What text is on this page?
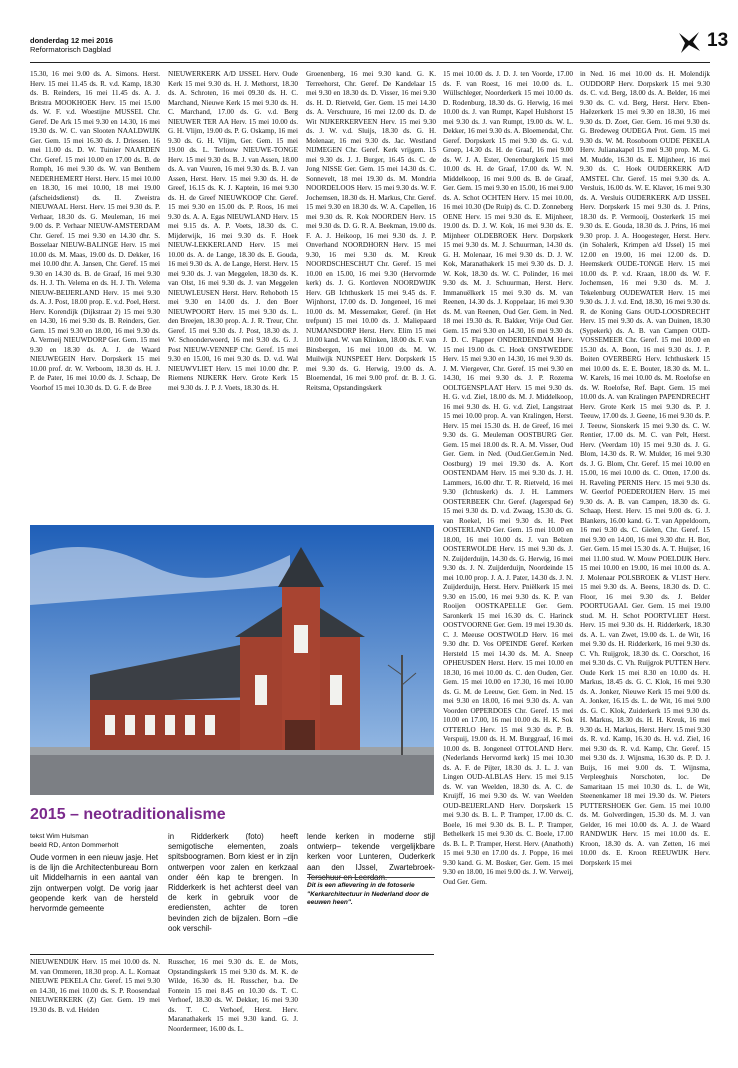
donderdag 12 mei 2016
Reformatorisch Dagblad	13
15.30, 16 mei 9.00 ds. A. Simons. Herst. Herv. 15 mei 11.45 ds. R. v.d. Kamp, 18.30 ds. B. Reinders, 16 mei 11.45 ds. A. J. Britstra MOOKHOEK Herv. 15 mei 15.00 ds. W. F. v.d. Woestijne MUSSEL Chr. Geref. De Ark 15 mei 9.30 en 14.30, 16 mei 19.30 ds. W. C. van Slooten NAALDWIJK Ger. Gem. 15 mei 16.30 ds. J. Driessen. 16 mei 11.00 ds. D. W. Tuinier NAARDEN Chr. Geref. 15 mei 10.00 en 17.00 ds. B. de Romph, 16 mei 9.30 ds. W. van Benthem NEDERHEMERT Herst. Herv. 15 mei 10.00 en 18.30, 16 mei 10.00, 18 mei 19.00 (afscheidsdienst) ds. II. Zweistra NIEUWAAL Herst. Herv. 15 mei 9.30 ds. P. Verhaar, 18.30 ds. G. Meuleman, 16 mei 9.00 ds. P. Verhaar NIEUW-AMSTERDAM Chr. Geref. 15 mei 9.30 en 14.30 dhr. S. Bosselaar NIEUW-BALINGE Herv. 15 mei 10.00 ds. M. Maas, 19.00 ds. D. Dekker, 16 mei 10.00 dhr. A. Jansen, Chr. Geref. 15 mei 9.30 en 14.30 ds. B. de Graaf, 16 mei 9.30 ds. H. J. Th. Velema en ds. H. J. Th. Velema NIEUW-BEIJERLAND Herv. 15 mei 9.30 ds. A. J. Post, 18.00 prop. E. v.d. Poel, Herst. Herv. Korendijk (Dijkstraat 2) 15 mei 9.30 en 14.30, 16 mei 9.30 ds. B. Reinders, Ger. Gem. 15 mei 9.30 en 18.00, 16 mei 9.30 ds. A. Vermeij NIEUWDORP Ger. Gem. 15 mei 9.30 en 18.30 ds. A. J. de Waard NIEUWEGEIN Herv. Dorpskerk 15 mei 10.00 prof. dr. W. Verboom, 18.30 ds. H. J. P. de Pater, 16 mei 10.00 ds. J. Schaap, De Voorhof 15 mei 10.30 ds. D. G. F. de Bree
NIEUWERKERK A/D IJSSEL Herv. Oude Kerk 15 mei 9.30 ds. H. J. Methorst, 18.30 ds. A. Schroten, 16 mei 09.30 ds. H. C. Marchand, Nieuwe Kerk 15 mei 9.30 ds. H. C. Marchand, 17.00 ds. G. v.d. Berg NIEUWER TER AA Herv. 15 mei 10.00 ds. G. H. Vlijm, 19.00 ds. P. G. Oskamp, 16 mei 9.30 ds. G. H. Vlijm, Ger. Gem. 15 mei 19.00 ds. L. Terlouw NIEUWE-TONGE Herv. 15 mei 9.30 ds. B. J. van Assen, 18.00 ds. A. van Vuuren, 16 mei 9.30 ds. B. J. van Assen, Herst. Herv. 15 mei 9.30 ds. H. de Greef, 16.15 ds. K. J. Kaptein, 16 mei 9.30 ds. H. de Greef NIEUWKOOP Chr. Geref. 15 mei 9.30 en 15.00 ds. P. Roos, 16 mei 9.30 ds. A. A. Egas NIEUWLAND Herv. 15 mei 9.15 ds. A. P. Voets, 18.30 ds. C. Mijderwijk, 16 mei 9.30 ds. F. Hoek NIEUW-LEKKERLAND Herv. 15 mei 10.00 ds. A. de Lange, 18.30 ds. E. Gouda, 16 mei 9.30 ds. A. de Lange, Herst. Herv. 15 mei 9.30 ds. J. van Meggelen, 18.30 ds. K. van Olst, 16 mei 9.30 ds. J. van Meggelen NIEUWLEUSEN Herst. Herv. Rehoboth 15 mei 9.30 en 14.00 ds. J. den Boer NIEUWPOORT Herv. 15 mei 9.30 ds. L. den Breejen, 18.30 prop. A. J. R. Treur, Chr. Geref. 15 mei 9.30 ds. J. Post, 18.30 ds. J. W. Schoonderwoerd, 16 mei 9.30 ds. G. J. Post NIEUW-VENNEP Chr. Geref. 15 mei 9.30 en 15.00, 16 mei 9.30 ds. D. v.d. Wal NIEUWVLIET Herv. 15 mei 10.00 dhr. P. Riemens NIJKERK Herv. Grote Kerk 15 mei 9.30 ds. J. P. J. Voets, 18.30 ds. H.
Groenenberg, 16 mei 9.30 kand. G. K. Terreehorst, Chr. Geref. De Kandelaar 15 mei 9.30 en 18.30 ds. D. Visser, 16 mei 9.30 ds. H. D. Rietveld, Ger. Gem. 15 mei 14.30 ds. A. Verschuure, 16 mei 12.00 ds. D. de Wit NIJKERKERVEEN Herv. 15 mei 9.30 ds. J. W. v.d. Sluijs, 18.30 ds. G. H. Molenaar, 16 mei 9.30 ds. Jac. Westland NIJMEGEN Chr. Geref. Kerk vrijgem. 15 mei 9.30 ds. J. J. Burger, 16.45 ds. C. de Jong NISSE Ger. Gem. 15 mei 14.30 ds. C. Sonnevelt, 18 mei 19.30 ds. M. Mondria NOORDELOOS Herv. 15 mei 9.30 ds. W. F. Jochemsen, 18.30 ds. H. Markus, Chr. Geref. 15 mei 9.30 en 18.30 ds. W. A. Capellen, 16 mei 9.30 ds. R. Kok NOORDEN Herv. 15 mei 9.30 ds. D. G. R. A. Beekman, 19.00 ds. F. A. J. Heikoop, 16 mei 9.30 ds. J. P. Onverhand NOORDHORN Herv. 15 mei 9.30, 16 mei 9.30 ds. M. Kreuk NOORDSCHESCHUT Chr. Geref. 15 mei 10.00 en 15.00, 16 mei 9.30 (Hervormde kerk) ds. J. G. Kortleven NOORDWIJK Herv. GB Ichthuskerk 15 mei 9.45 ds. F. Wijnhorst, 17.00 ds. D. Jongeneel, 16 mei 10.00 ds. M. Messemaker, Geref. (in Het trefpunt) 15 mei 10.00 ds. J. Maliepaard NUMANSDORP Herst. Herv. Elim 15 mei 10.00 kand. W. van Klinken, 18.00 ds. F. van Binsbergen, 16 mei 10.00 ds. M. W. Muilwijk NUNSPEET Herv. Dorpskerk 15 mei 9.30 ds. G. Herwig, 19.00 ds. A. Bloemendal, 16 mei 9.00 prof. dr. B. J. G. Reitsma, Opstandingskerk
15 mei 10.00 ds. J. D. J. ten Voorde, 17.00 ds. F. van Roest, 16 mei 10.00 ds. L. Wüllschleger, Noorderkerk 15 mei 10.00 ds. D. Rodenburg, 18.30 ds. G. Herwig, 16 mei 10.00 ds. J. van Rumpt, Kapel Hulshorst 15 mei 9.30 ds. J. van Rumpt, 19.00 ds. W. L. Dekker, 16 mei 9.30 ds. A. Bloemendal, Chr. Geref. Dorpskerk 15 mei 9.30 ds. G. v.d. Groep, 14.30 ds. H. de Graaf, 16 mei 9.00 ds. W. J. A. Ester, Oenenburgkerk 15 mei 10.00 ds. H. de Graaf, 17.00 ds. W. N. Middelkoop, 16 mei 9.00 ds. B. de Graaf, Ger. Gem. 15 mei 9.30 en 15.00, 16 mei 9.00 ds. A. Schot OCHTEN Herv. 15 mei 10.00, 16 mei 10.30 (De Ruip) ds. C. D. Zonneberg OENE Herv. 15 mei 9.30 ds. E. Mijnheer, 19.00 ds. D. J. W. Kok, 16 mei 9.30 ds. E. Mijnheer OLDEBROEK Herv. Dorpskerk 15 mei 9.30 ds. M. J. Schuurman, 14.30 ds. G. H. Molenaar, 16 mei 9.30 ds. D. J. W. Kok, Maranathakerk 15 mei 9.30 ds. D. J. W. Kok, 18.30 ds. W. C. Polinder, 16 mei 9.30 ds. M. J. Schuurman, Herst. Herv. Immanuëlkerk 15 mei 9.30 ds. M. van Reenen, 14.30 ds. J. Koppelaar, 16 mei 9.30 ds. M. van Reenen, Oud Ger. Gem. in Ned. 18 mei 19.30 ds. R. Bakker, Vrije Oud Ger. Gem. 15 mei 9.30 en 14.30, 16 mei 9.30 ds. J. D. C. Flapper ONDERDENDAM Herv. 15 mei 19.00 ds. C. Hoek ONSTWEDDE Herv. 15 mei 9.30 en 14.30, 16 mei 9.30 ds. J. M. Viergever, Chr. Geref. 15 mei 9.30 en 14.30, 16 mei 9.30 ds. J. P. Rozema OOLTGENSPLAAT Herv. 15 mei 9.30 ds. H. G. v.d. Ziel, 18.00 ds. M. J. Middelkoop, 16 mei 9.30 ds. H. G. v.d. Ziel, Langstraat 15 mei 10.00 prop. A. van Kralingen, Herst. Herv. 15 mei 15.30 ds. H. de Greef, 16 mei 9.30 ds. G. Meuleman OOSTBURG Ger. Gem. 15 mei 18.00 ds. R. A. M. Visser, Oud Ger. Gem. in Ned. (Oud.Ger.Gem.in Ned. Oostburg) 19 mei 19.30 ds. A. Kort OOSTENDAM Herv. 15 mei 9.30 ds. J. H. Lammers, 16.00 dhr. T. R. Rietveld, 16 mei 9.30 (Ichtuskerk) ds. J. H. Lammers OOSTERBEEK Chr. Geref. (Jagerspad 6e) 15 mei 9.30 ds. D. v.d. Zwaag, 15.30 ds. G. van Roekel, 16 mei 9.30 ds. H. Peet OOSTERLAND Ger. Gem. 15 mei 10.00 en 18.00, 16 mei 10.00 ds. J. van Belzen OOSTERWOLDE Herv. 15 mei 9.30 ds. J. N. Zuijderduijn, 14.30 ds. G. Herwig, 16 mei 9.30 ds. J. N. Zuijderduijn, Noordeinde 15 mei 10.00 prop. J. A. J. Pater, 14.30 ds. J. N. Zuijderduijn, Herst. Herv. Pniëlkerk 15 mei 9.30 en 15.00, 16 mei 9.30 ds. K. P. van Rooijen OOSTKAPELLE Ger. Gem. Saronkerk 15 mei 16.30 ds. C. Harinck OOSTVOORNE Ger. Gem. 19 mei 19.30 ds. C. J. Meeuse OOSTWOLD Herv. 16 mei 9.30 dhr. D. Vos OPEINDE Geref. Kerken Hersteld 15 mei 14.30 ds. M. A. Sneep OPHEUSDEN Herst. Herv. 15 mei 10.00 en 18.30, 16 mei 10.00 ds. C. den Ouden, Ger. Gem. 15 mei 10.00 en 17.30, 16 mei 10.00 ds. G. M. de Leeuw, Ger. Gem. in Ned. 15 mei 9.30 en 18.00, 16 mei 9.30 ds. A. van Voorden OPPERDOES Chr. Geref. 15 mei 10.00 en 17.00, 16 mei 10.00 ds. H. K. Sok OTTERLO Herv. 15 mei 9.30 ds. P. B. Verspuij, 19.00 ds. H. M. Burggraaf, 16 mei 10.00 ds. B. Jongeneel OTTOLAND Herv. (Nederlands Hervormd kerk) 15 mei 10.30 ds. A. F. de Pijter, 18.30 ds. J. L. J. van Lingen OUD-ALBLAS Herv. 15 mei 9.15 ds. W. van Weelden, 18.30 ds. A. C. de Kruijff, 16 mei 9.30 ds. W. van Weelden OUD-BEIJERLAND Herv. Dorpskerk 15 mei 9.30 ds. B. L. P. Tramper, 17.00 ds. C. Boele, 16 mei 9.30 ds. B. L. P. Tramper, Bethelkerk 15 mei 9.30 ds. C. Boele, 17.00 ds. B. L. P. Tramper, Herst. Herv. (Anathoth) 15 mei 9.30 en 17.00 ds. J. Poppe, 16 mei 9.30 kand. G. M. Bosker, Ger. Gem. 15 mei 9.30 en 18.00, 16 mei 9.00 ds. J. W. Verweij, Oud Ger. Gem.
in Ned. 16 mei 10.00 ds. H. Molendijk OUDDORP Herv. Dorpskerk 15 mei 9.30 ds. C. v.d. Berg, 18.00 ds. A. Belder, 16 mei 9.30 ds. C. v.d. Berg, Herst. Herv. Eben-Haëzerkerk 15 mei 9.30 en 18.30, 16 mei 9.30 ds. D. Zoet, Ger. Gem. 16 mei 9.30 ds. G. Bredeweg OUDEGA Prot. Gem. 15 mei 9.30 ds. W. M. Rosoboom OUDE PEKELA Herv. Julianakapel 15 mei 9.30 prop. M. G. M. Mudde, 16.30 ds. E. Mijnheer, 16 mei 9.30 ds. C. Hoek OUDERKERK A/D AMSTEL Chr. Geref. 15 mei 9.30 ds. A. Versluis, 16.00 ds. W. E. Klaver, 16 mei 9.30 ds. A. Versluis OUDERKERK A/D IJSSEL Herv. Dorpskerk 15 mei 9.30 ds. J. Prins, 18.30 ds. P. Vermooij, Oosterkerk 15 mei 9.30 ds. E. Gouda, 18.30 ds. J. Prins, 16 mei 9.30 prop. J. A. Hoogesteger, Herst. Herv. (in Sohalerk, Krimpen a/d IJssel) 15 mei 12.00 en 19.00, 16 mei 12.00 ds. D. Heemskerk OUDE-TONGE Herv. 15 mei 10.00 ds. P. v.d. Kraan, 18.00 ds. W. F. Jochemsen, 16 mei 9.30 ds. M. J. Tekelenburg OUDEWATER Herv. 15 mei 9.30 ds. J. J. v.d. End, 18.30, 16 mei 9.30 ds. R. de Koning Gans OUD-LOOSDRECHT Herv. 15 mei 9.30 ds. A. van Duinen, 18.30 (Sypekerk) ds. A. B. van Campen OUD-VOSSEMEER Chr. Geref. 15 mei 10.00 en 15.30 ds. A. Boon, 16 mei 9.30 ds. J. P. Boiten OVERBERG Herv. Ichthuskerk 15 mei 10.00 ds. E. E. Bouter, 18.30 ds. M. L. W. Karels, 16 mei 10.00 ds. M. Roelofse en ds. W. Roelofse, Ref. Bapt. Gem. 15 mei 10.00 ds. A. van Kralingen PAPENDRECHT Herv. Grote Kerk 15 mei 9.30 ds. P. J. Teeuw, 17.00 ds. J. Geene, 16 mei 9.30 ds. P. J. Teeuw, Sionskerk 15 mei 9.30 ds. C. W. Rentier, 17.00 ds. M. C. van Pelt, Herst. Herv. (Veerdam 10) 15 mei 9.30 ds. J. G. Blom, 14.30 ds. R. W. Mulder, 16 mei 9.30 ds. J. G. Blom, Chr. Geref. 15 mei 10.00 en 15.00, 16 mei 10.00 ds. C. Otten, 17.00 ds. H. Raveling PERNIS Herv. 15 mei 9.30 ds. W. Geerlof POEDEROIJEN Herv. 15 mei 9.30 ds. A. B. van Campen, 18.30 ds. G. Schaap, Herst. Herv. 15 mei 9.00 ds. G. J. Blankers, 16.00 kand. G. T. van Appeldoorn, 16 mei 9.30 ds. C. Gielen, Chr. Geref. 15 mei 9.30 en 14.00, 16 mei 9.30 dhr. H. Bor, Ger. Gem. 15 mei 15.30 ds. A. T. Huijser, 16 mei 11.00 stud. W. Mouw POELDIJK Herv. 15 mei 10.00 en 19.00, 16 mei 10.00 ds. A. J. Molenaar POLSBROEK & VLIST Herv. 15 mei 9.30 ds. A. Beens, 18.30 ds. D. C. Floor, 16 mei 9.30 ds. J. Belder POORTUGAAL Ger. Gem. 15 mei 19.00 stud. M. H. Schot POORTVLIET Herst. Herv. 15 mei 9.30 ds. H. Ridderkerk, 18.30 ds. A. L. van Zwet, 19.00 ds. L. de Wit, 16 mei 9.30 ds. H. Ridderkerk, 16 mei 9.30 ds. C. Vh. Ruijgrok, 18.30 ds. C. Oorschot, 16 mei 9.30 ds. C. Vh. Ruijgrok PUTTEN Herv. Oude Kerk 15 mei 8.30 en 10.00 ds. H. Markus, 18.45 ds. G. C. Klok, 16 mei 9.30 ds. A. Jonker, Nieuwe Kerk 15 mei 9.00 ds. A. Jonker, 16.15 ds. L. de Wit, 16 mei 9.00 ds. G. C. Klok, Zuiderkerk 15 mei 9.30 ds. H. Markus, 18.30 ds. H. H. Kreuk, 16 mei 9.30 ds. H. Markus, Herst. Herv. 15 mei 9.30 ds. R. v.d. Kamp, 16.30 ds. H. v.d. Ziel, 16 mei 9.30 ds. R. v.d. Kamp, Chr. Geref. 15 mei 9.30 ds. J. Wijnsma, 16.30 ds. P. D. J. Buijs, 16 mei 9.00 ds. T. Wijnsma, Verpleeghuis Norschoten, loc. De Samaritaan 15 mei 10.30 ds. L. de Wit, Steenenkamer 18 mei 19.30 ds. W. Pieters PUTTERSHOEK Ger. Gem. 15 mei 10.00 ds. M. Golverdingen, 15.30 ds. M. J. van Gelder, 16 mei 10.00 ds. A. J. de Waard RANDWIJK Herv. 15 mei 10.00 ds. E. Kroon, 18.30 ds. A. van Zetten, 16 mei 10.00 ds. E. Kroon REEUWIJK Herv. Dorpskerk 15 mei
2015 – neotraditionalisme
tekst Wim Hulsman
beeld RD, Anton Dommerholt
Oude vormen in een nieuw jasje. Het is de lijn die Architectenbureau Born uit Middelharnis in een aantal van zijn ontwerpen volgt. De vorig jaar geopende kerk van de hersteld hervormde gemeente
in Ridderkerk (foto) heeft semigotische elementen, zoals spitsboogramen. Born kiest er in zijn ontwerpen voor zalen en kerkzaal onder één kap te brengen. In Ridderkerk is het achterst deel van de kerk in gebruik voor de erediensten, achter de toren bevinden zich de bijzalen. Born –die ook verschil-
lende kerken in moderne stijl ontwierp– tekende vergelijkbare kerken voor Lunteren, Ouderkerk aan den IJssel, Zwartebroek-
Dit is een aflevering in de fotoserie "Kerkarchitectuur in Nederland door de eeuwen heen".
NIEUWENDIJK Herv. 15 mei 10.00 ds. N. M. van Ommeren, 18.30 prop. A. L. Kornaat NIEUWE PEKELA Chr. Geref. 15 mei 9.30 en 14.30, 16 mei 10.00 ds. S. P. Roosendaal NIEUWERKERK (Z) Ger. Gem. 19 mei 19.30 ds. B. v.d. Heiden
Russcher, 16 mei 9.30 ds. E. de Mots, Opstandingskerk 15 mei 9.30 ds. M. K. de Wilde, 16.30 ds. H. Russcher, b.a. De Fontein 15 mei 8.45 en 10.30 ds. T. C. Verhoef, 18.30 ds. W. Dekker, 16 mei 9.30 ds. T. C. Verhoef, Herst. Herv. Maranathakerk 15 mei 9.30 kand. G. J. Noordermeer, 16.00 ds. L.
